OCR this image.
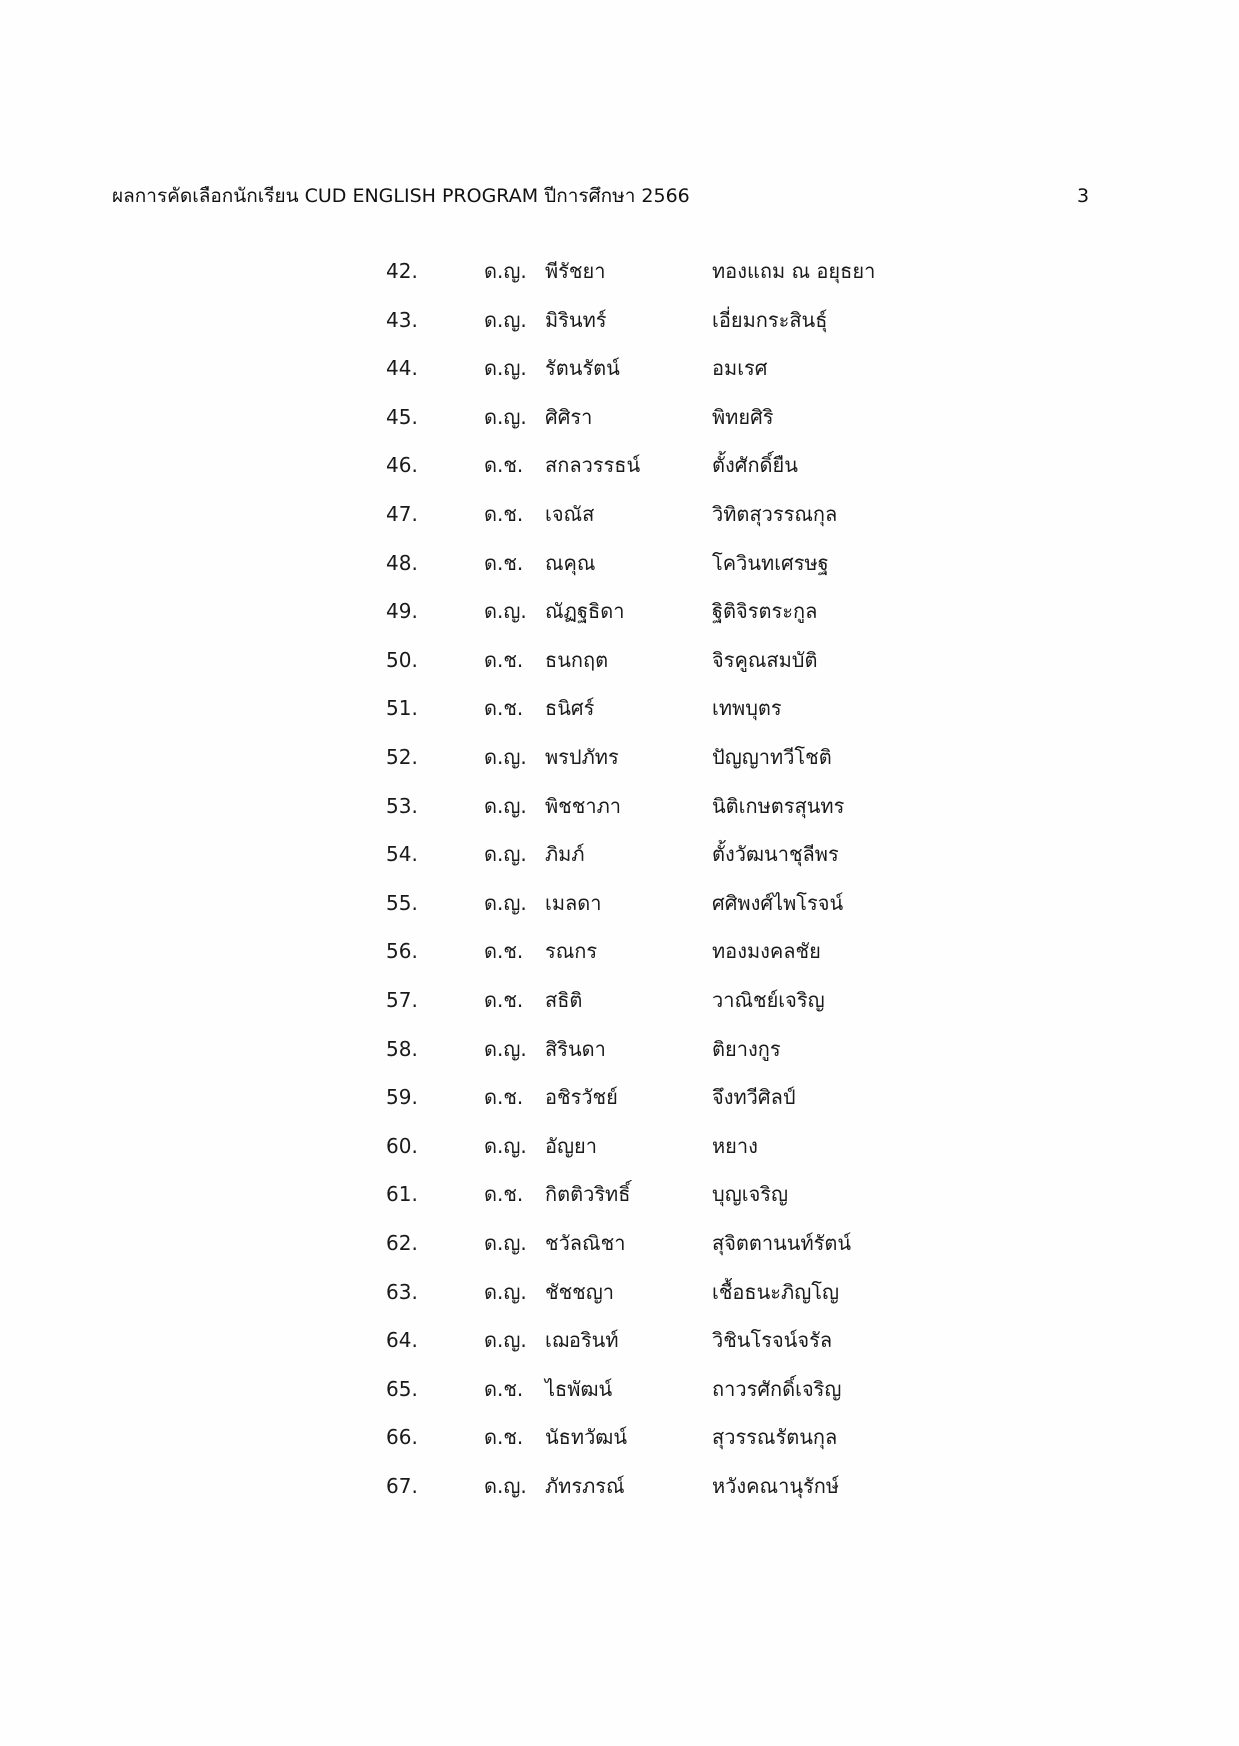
ผลการคัดเลือกนักเรียน CUD ENGLISH PROGRAM ปีการศึกษา 2566	3
42.	ด.ญ. พีรัชยา	ทองแถม ณ อยุธยา
43.	ด.ญ. มิรินทร์	เอี่ยมกระสินธุ์
44.	ด.ญ. รัตนรัตน์	อมเรศ
45.	ด.ญ. ศิศิรา	พิทยศิริ
46.	ด.ช. สกลวรรธน์	ตั้งศักดิ์ยืน
47.	ด.ช. เจณัส	วิทิตสุวรรณกุล
48.	ด.ช. ณคุณ	โควินทเศรษฐ
49.	ด.ญ. ณัฏฐธิดา	ฐิติจิรตระกูล
50.	ด.ช. ธนกฤต	จิรคูณสมบัติ
51.	ด.ช. ธนิศร์	เทพบุตร
52.	ด.ญ. พรปภัทร	ปัญญาทวีโชติ
53.	ด.ญ. พิชชาภา	นิติเกษตรสุนทร
54.	ด.ญ. ภิมภ์	ตั้งวัฒนาชุลีพร
55.	ด.ญ. เมลดา	ศศิพงศ์ไพโรจน์
56.	ด.ช. รณกร	ทองมงคลชัย
57.	ด.ช. สธิติ	วาณิชย์เจริญ
58.	ด.ญ. สิรินดา	ติยางกูร
59.	ด.ช. อชิรวัชย์	จึงทวีศิลป์
60.	ด.ญ. อัญยา	หยาง
61.	ด.ช. กิตติวริทธิ์	บุญเจริญ
62.	ด.ญ. ชวัลณิชา	สุจิตตานนท์รัตน์
63.	ด.ญ. ชัชชญา	เชื้อธนะภิญโญ
64.	ด.ญ. เฌอรินท์	วิชินโรจน์จรัล
65.	ด.ช. ไธพัฒน์	ถาวรศักดิ์เจริญ
66.	ด.ช. นัธทวัฒน์	สุวรรณรัตนกุล
67.	ด.ญ. ภัทรภรณ์	หวังคณานุรักษ์
